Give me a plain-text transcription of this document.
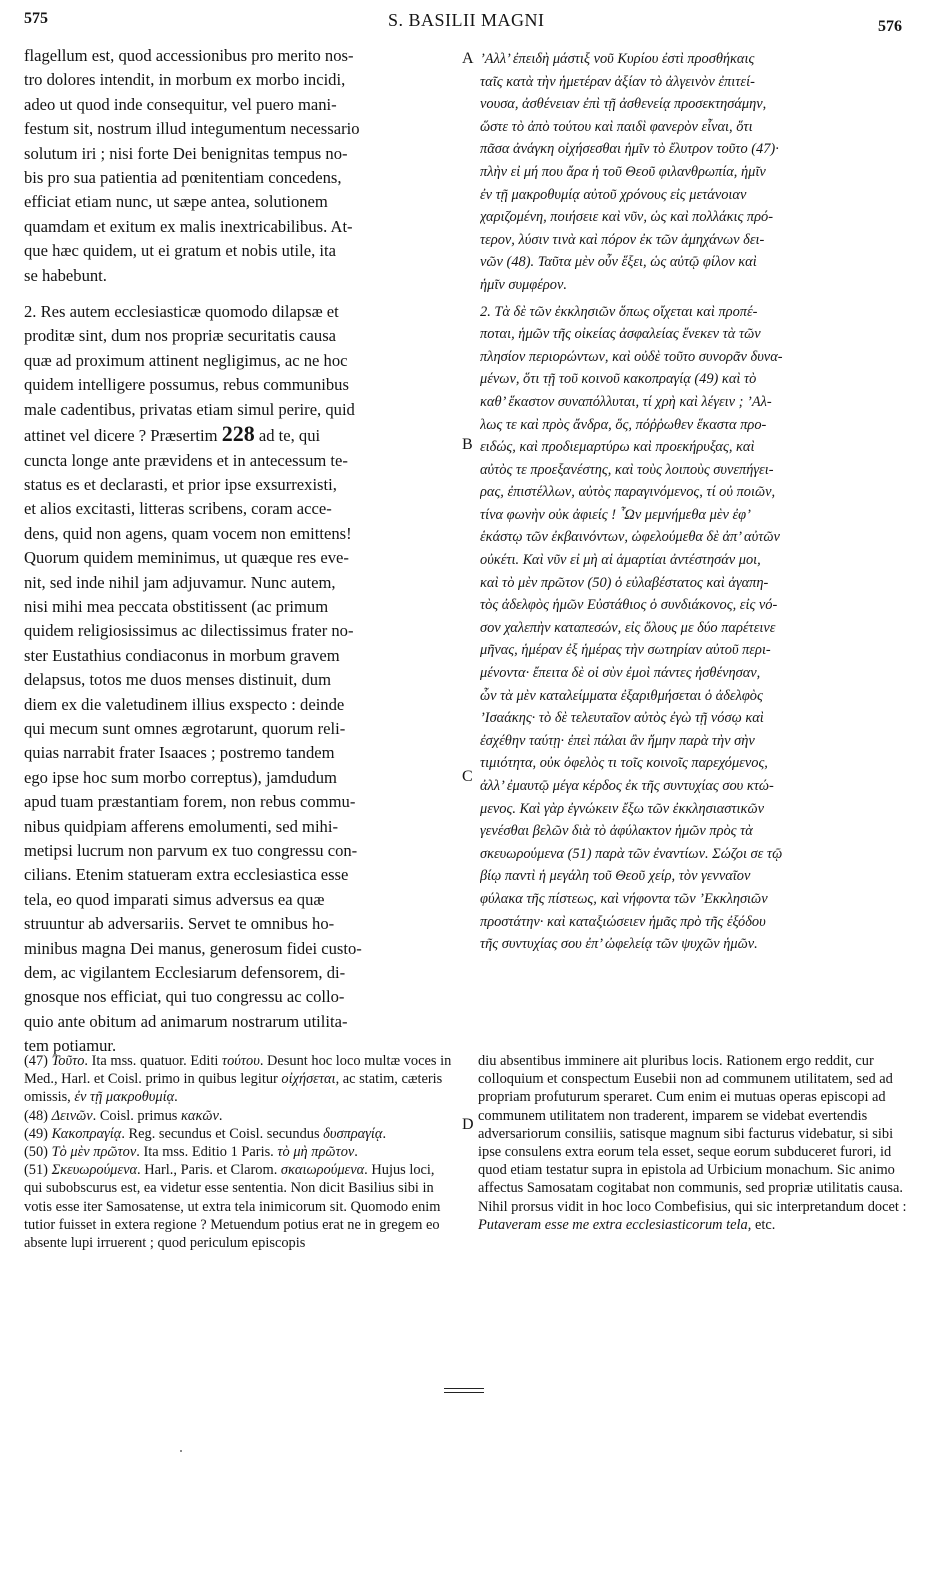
575	S. BASILII MAGNI	576
A
B
C
D
flagellum est, quod accessionibus pro merito nos-
tro dolores intendit, in morbum ex morbo incidi,
adeo ut quod inde consequitur, vel puero mani-
festum sit, nostrum illud integumentum necessario
solutum iri ; nisi forte Dei benignitas tempus no-
bis pro sua patientia ad pœnitentiam concedens,
efficiat etiam nunc, ut sæpe antea, solutionem
quamdam et exitum ex malis inextricabilibus. At-
que hæc quidem, ut ei gratum et nobis utile, ita
se habebunt.
2. Res autem ecclesiasticæ quomodo dilapsæ et
proditæ sint, dum nos propriæ securitatis causa
quæ ad proximum attinent negligimus, ac ne hoc
quidem intelligere possumus, rebus communibus
male cadentibus, privatas etiam simul perire, quid
attinet vel dicere ? Præsertim 228 ad te, qui
cuncta longe ante prævidens et in antecessum te-
status es et declarasti, et prior ipse exsurrexisti,
et alios excitasti, litteras scribens, coram acce-
dens, quid non agens, quam vocem non emittens!
Quorum quidem meminimus, ut quæque res eve-
nit, sed inde nihil jam adjuvamur. Nunc autem,
nisi mihi mea peccata obstitissent (ac primum
quidem religiosissimus ac dilectissimus frater no-
ster Eustathius condiaconus in morbum gravem
delapsus, totos me duos menses distinuit, dum
diem ex die valetudinem illius exspecto : deinde
qui mecum sunt omnes ægrotarunt, quorum reli-
quias narrabit frater Isaaces ; postremo tandem
ego ipse hoc sum morbo correptus), jamdudum
apud tuam præstantiam forem, non rebus commu-
nibus quidpiam afferens emolumenti, sed mihi-
metipsi lucrum non parvum ex tuo congressu con-
cilians. Etenim statueram extra ecclesiastica esse
tela, eo quod imparati simus adversus ea quæ
struuntur ab adversariis. Servet te omnibus ho-
minibus magna Dei manus, generosum fidei custo-
dem, ac vigilantem Ecclesiarum defensorem, di-
gnosque nos efficiat, qui tuo congressu ac collo-
quio ante obitum ad animarum nostrarum utilita-
tem potiamur.
’Αλλ’ ἐπειδὴ μάστιξ νοῦ Κυρίου ἐστὶ προσθήκαις
ταῖς κατὰ τὴν ἡμετέραν ἀξίαν τὸ ἀλγεινὸν ἐπιτεί-
νουσα, ἀσθένειαν ἐπὶ τῇ ἀσθενείᾳ προσεκτησάμην,
ὥστε τὸ ἀπὸ τούτου καὶ παιδὶ φανερὸν εἶναι, ὅτι
πᾶσα ἀνάγκη οἰχήσεσθαι ἡμῖν τὸ ἔλυτρον τοῦτο (47)·
πλὴν εἰ μή που ἄρα ἡ τοῦ Θεοῦ φιλανθρωπία, ἡμῖν
ἐν τῇ μακροθυμίᾳ αὐτοῦ χρόνους εἰς μετάνοιαν
χαριζομένη, ποιήσειε καὶ νῦν, ὡς καὶ πολλάκις πρό-
τερον, λύσιν τινὰ καὶ πόρον ἐκ τῶν ἀμηχάνων δει-
νῶν (48). Ταῦτα μὲν οὖν ἕξει, ὡς αὐτῷ φίλον καὶ
ἡμῖν συμφέρον.
2. Τὰ δὲ τῶν ἐκκλησιῶν ὅπως οἴχεται καὶ προπέ-
ποται, ἡμῶν τῆς οἰκείας ἀσφαλείας ἕνεκεν τὰ τῶν
πλησίον περιορώντων, καὶ οὐδὲ τοῦτο συνορᾶν δυνα-
μένων, ὅτι τῇ τοῦ κοινοῦ κακοπραγίᾳ (49) καὶ τὸ
καθ’ ἕκαστον συναπόλλυται, τί χρὴ καὶ λέγειν ; ’Αλ-
λως τε καὶ πρὸς ἄνδρα, ὅς, πόῤῥωθεν ἕκαστα προ-
ειδώς, καὶ προδιεμαρτύρω καὶ προεκήρυξας, καὶ
αὐτὸς τε προεξανέστης, καὶ τοὺς λοιποὺς συνεπήγει-
ρας, ἐπιστέλλων, αὐτὸς παραγινόμενος, τί οὐ ποιῶν,
τίνα φωνὴν οὐκ ἀφιείς ! ῟Ων μεμνήμεθα μὲν ἐφ’
ἑκάστῳ τῶν ἐκβαινόντων, ὠφελούμεθα δὲ ἀπ’ αὐτῶν
οὐκέτι. Καὶ νῦν εἰ μὴ αἱ ἁμαρτίαι ἀντέστησάν μοι,
καὶ τὸ μὲν πρῶτον (50) ὁ εὐλαβέστατος καὶ ἀγαπη-
τὸς ἀδελφὸς ἡμῶν Εὐστάθιος ὁ συνδιάκονος, εἰς νό-
σον χαλεπὴν καταπεσών, εἰς ὅλους με δύο παρέτεινε
μῆνας, ἡμέραν ἐξ ἡμέρας τὴν σωτηρίαν αὐτοῦ περι-
μένοντα· ἔπειτα δὲ οἱ σὺν ἐμοὶ πάντες ἠσθένησαν,
ὧν τὰ μὲν καταλείμματα ἐξαριθμήσεται ὁ ἀδελφὸς
’Ισαάκης· τὸ δὲ τελευταῖον αὐτὸς ἐγὼ τῇ νόσῳ καὶ
ἐσχέθην ταύτῃ· ἐπεὶ πάλαι ἂν ἤμην παρὰ τὴν σὴν
τιμιότητα, οὐκ ὀφελὸς τι τοῖς κοινοῖς παρεχόμενος,
ἀλλ’ ἐμαυτῷ μέγα κέρδος ἐκ τῆς συντυχίας σου κτώ-
μενος. Καὶ γὰρ ἐγνώκειν ἔξω τῶν ἐκκλησιαστικῶν
γενέσθαι βελῶν διὰ τὸ ἀφύλακτον ἡμῶν πρὸς τὰ
σκευωρούμενα (51) παρὰ τῶν ἐναντίων. Σώζοι σε τῷ
βίῳ παντὶ ἡ μεγάλη τοῦ Θεοῦ χείρ, τὸν γενναῖον
φύλακα τῆς πίστεως, καὶ νήφοντα τῶν ’Εκκλησιῶν
προστάτην· καὶ καταξιώσειεν ἡμᾶς πρὸ τῆς ἐξόδου
τῆς συντυχίας σου ἐπ’ ὠφελείᾳ τῶν ψυχῶν ἡμῶν.
(47) Τοῦτο. Ita mss. quatuor. Editi τούτου. Desunt hoc loco multæ voces in Med., Harl. et Coisl. primo in quibus legitur οἰχήσεται, ac statim, cæteris omissis, ἐν τῇ μακροθυμίᾳ.
(48) Δεινῶν. Coisl. primus κακῶν.
(49) Κακοπραγίᾳ. Reg. secundus et Coisl. secundus δυσπραγίᾳ.
(50) Τὸ μὲν πρῶτον. Ita mss. Editio 1 Paris. τὸ μὴ πρῶτον.
(51) Σκευωρούμενα. Harl., Paris. et Clarom. σκαιωρούμενα. Hujus loci, qui subobscurus est, ea videtur esse sententia. Non dicit Basilius sibi in votis esse iter Samosatense, ut extra tela inimicorum sit. Quomodo enim tutior fuisset in extera regione ? Metuendum potius erat ne in gregem eo absente lupi irruerent ; quod periculum episcopis
diu absentibus imminere ait pluribus locis. Rationem ergo reddit, cur colloquium et conspectum Eusebii non ad communem utilitatem, sed ad propriam profuturum speraret. Cum enim ei mutuas operas episcopi ad communem utilitatem non traderent, imparem se videbat evertendis adversariorum consiliis, satisque magnum sibi facturus videbatur, si sibi ipse consulens extra eorum tela esset, seque eorum subduceret furori, id quod etiam testatur supra in epistola ad Urbicium monachum. Sic animo affectus Samosatam cogitabat non communis, sed propriæ utilitatis causa. Nihil prorsus vidit in hoc loco Combefisius, qui sic interpretandum docet : Putaveram esse me extra ecclesiasticorum tela, etc.
